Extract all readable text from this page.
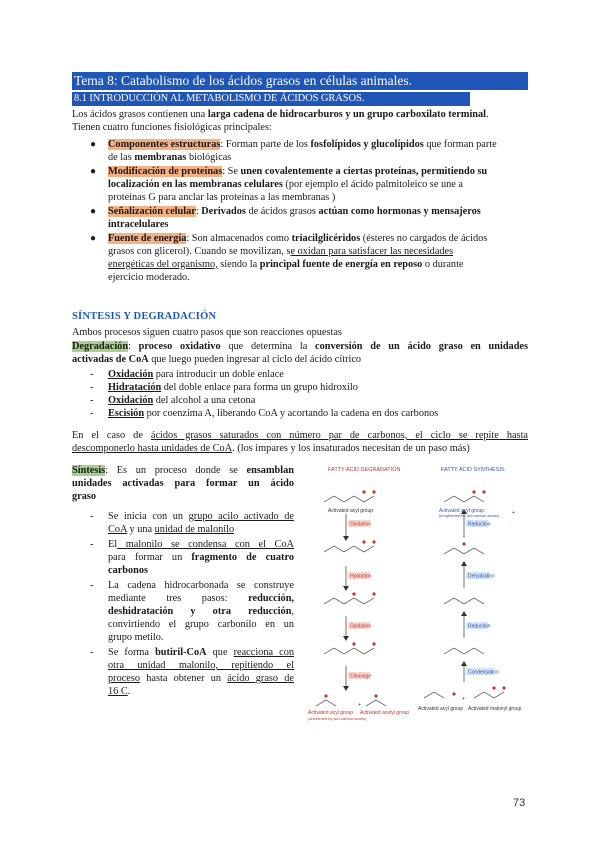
Tema 8: Catabolismo de los ácidos grasos en células animales.
8.1 INTRODUCCIÓN AL METABOLISMO DE ÁCIDOS GRASOS.
Los ácidos grasos contienen una larga cadena de hidrocarburos y un grupo carboxilato terminal.
Tienen cuatro funciones fisiológicas principales:
● Componentes estructuras: Forman parte de los fosfolípidos y glucolípidos que forman parte
de las membranas biológicas
● Modificación de proteínas: Se unen covalentemente a ciertas proteínas, permitiendo su
localización en las membranas celulares (por ejemplo el ácido palmitoleico se une a
proteínas G para anclar las proteínas a las membranas )
● Señalización celular: Derivados de ácidos grasos actúan como hormonas y mensajeros
intracelulares
● Fuente de energía: Son almacenados como triacilglicéridos (ésteres no cargados de ácidos
grasos con glicerol). Cuando se movilizan, se oxidan para satisfacer las necesidades
energéticas del organismo, siendo la principal fuente de energía en reposo o durante
ejercicio moderado.
SÍNTESIS Y DEGRADACIÓN
Ambos procesos siguen cuatro pasos que son reacciones opuestas
Degradación: proceso oxidativo que determina la conversión de un ácido graso en unidades
activadas de CoA que luego pueden ingresar al ciclo del ácido cítrico
- Oxidación para introducir un doble enlace
- Hidratación del doble enlace para forma un grupo hidroxilo
- Oxidación del alcohol a una cetona
- Escisión por coenzima A, liberando CoA y acortando la cadena en dos carbonos
En el caso de ácidos grasos saturados con número par de carbonos, el ciclo se repite hasta
descomponerlo hasta unidades de CoA. (los impares y los insaturados necesitan de un paso más)
Síntesis: Es un proceso donde se ensamblan
unidades activadas para formar un ácido
graso
- Se inicia con un grupo acilo activado de
CoA y una unidad de malonilo
- El malonilo se condensa con el CoA
para formar un fragmento de cuatro
carbonos
- La cadena hidrocarbonada se construye
mediante tres pasos: reducción,
deshidratación y otra reducción,
convirtiendo el grupo carbonilo en un
grupo metilo.
- Se forma butiril-CoA que reacciona con
otra unidad malonilo, repitiendo el
proceso hasta obtener un ácido graso de
16 C.
FATTY ACID DEGRADATION	FATTY ACID SYNTHESIS
Activated acyl group
Oxidation
Hydration
Oxidation
Cleavage
Activated acyl group
(shortened by two carbon atoms)
Activated acetyl group
Activated acyl group
(lengthened by two carbon atoms)
Reduction
Dehydration
Reduction
Condensation
Activated acyl group Activated malonyl group
+
+
+
73
